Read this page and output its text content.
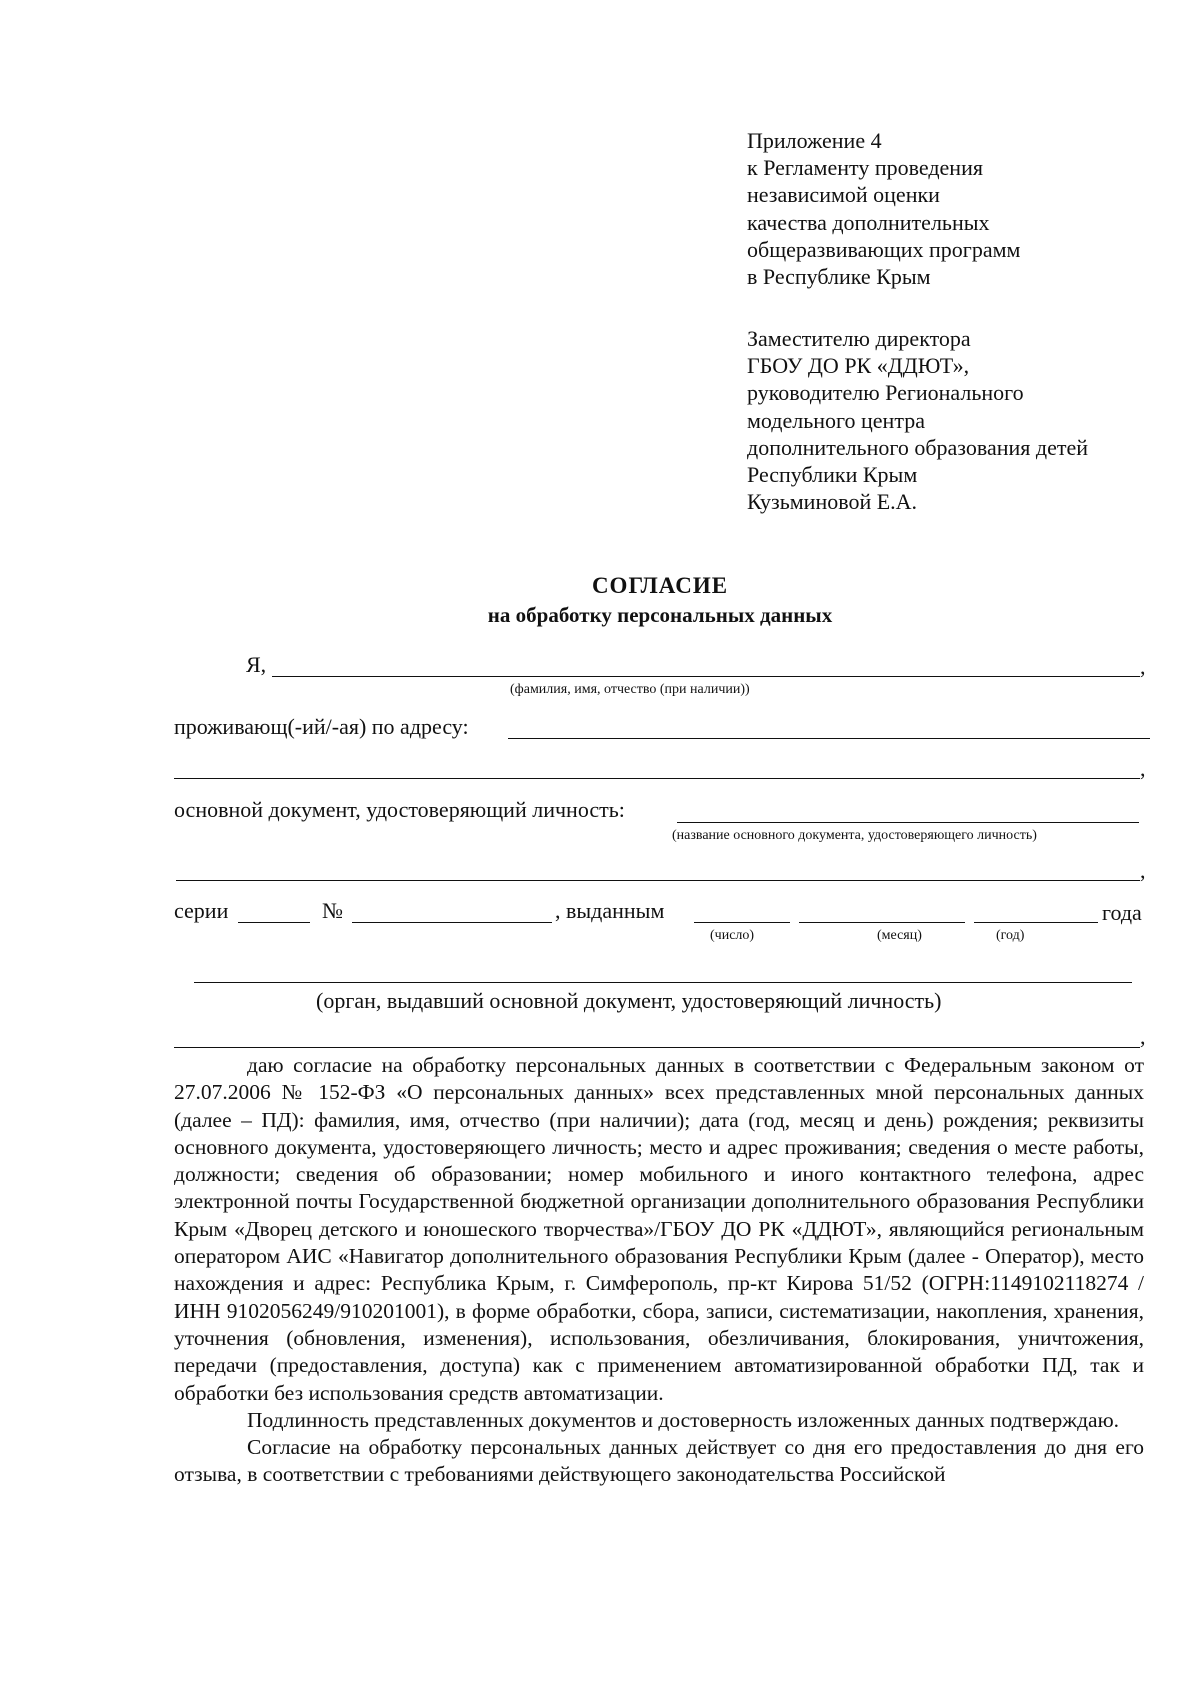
Приложение 4
к Регламенту проведения
независимой оценки
качества дополнительных
общеразвивающих программ
в Республике Крым
Заместителю директора
ГБОУ ДО РК «ДДЮТ»,
руководителю Регионального
модельного центра
дополнительного образования детей
Республики Крым
Кузьминовой Е.А.
СОГЛАСИЕ
на обработку персональных данных
Я,	,
(фамилия, имя, отчество (при наличии))
проживающ(-ий/-ая) по адресу:
,
основной документ, удостоверяющий личность:
(название основного документа, удостоверяющего личность)
,
серии	№	, выданным	года
(число)	(месяц)	(год)
(орган, выдавший основной документ, удостоверяющий личность)
,

даю согласие на обработку персональных данных в соответствии с Федеральным законом от 27.07.2006 № 152-ФЗ «О персональных данных» всех представленных мной персональных данных (далее – ПД): фамилия, имя, отчество (при наличии); дата (год, месяц и день) рождения; реквизиты основного документа, удостоверяющего личность; место и адрес проживания; сведения о месте работы, должности; сведения об образовании; номер мобильного и иного контактного телефона, адрес электронной почты Государственной бюджетной организации дополнительного образования Республики Крым «Дворец детского и юношеского творчества»/ГБОУ ДО РК «ДДЮТ», являющийся региональным оператором АИС «Навигатор дополнительного образования Республики Крым (далее - Оператор), место нахождения и адрес: Республика Крым, г. Симферополь, пр-кт Кирова 51/52 (ОГРН:1149102118274 / ИНН 9102056249/910201001), в форме обработки, сбора, записи, систематизации, накопления, хранения, уточнения (обновления, изменения), использования, обезличивания, блокирования, уничтожения, передачи (предоставления, доступа) как с применением автоматизированной обработки ПД, так и обработки без использования средств автоматизации.

Подлинность представленных документов и достоверность изложенных данных подтверждаю.

Согласие на обработку персональных данных действует со дня его предоставления до дня его отзыва, в соответствии с требованиями действующего законодательства Российской
